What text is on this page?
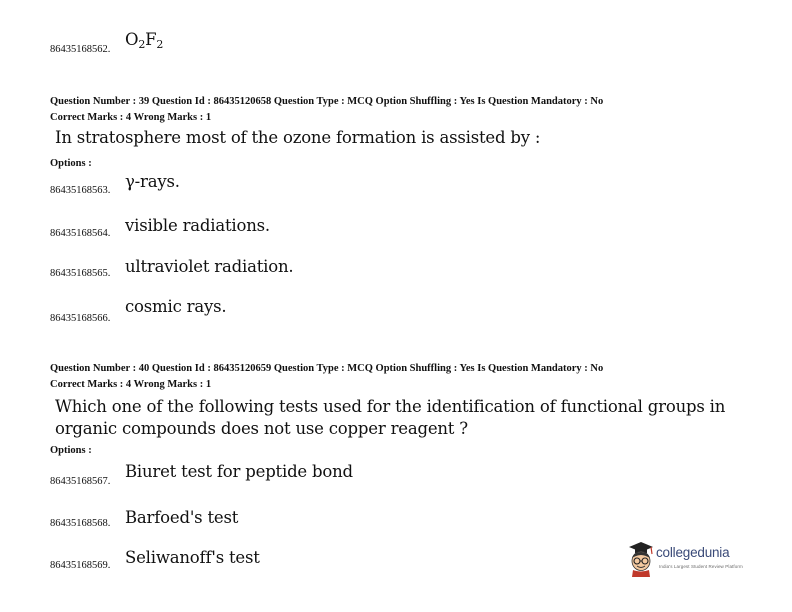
86435168562.
$O_2F_2$
Question Number : 39 Question Id : 86435120658 Question Type : MCQ Option Shuffling : Yes Is Question Mandatory : No
Correct Marks : 4 Wrong Marks : 1
In stratosphere most of the ozone formation is assisted by :
Options :
86435168563. γ-rays.
86435168564. visible radiations.
86435168565. ultraviolet radiation.
86435168566.
cosmic rays.
Question Number : 40 Question Id : 86435120659 Question Type : MCQ Option Shuffling : Yes Is Question Mandatory : No
Correct Marks : 4 Wrong Marks : 1
Which one of the following tests used for the identification of functional groups in organic compounds does not use copper reagent ?
Options :
86435168567.
Biuret test for peptide bond
86435168568. Barfoed's test
86435168569. Seliwanoff's test	collegedunia
India's Largest Student Review Platform
